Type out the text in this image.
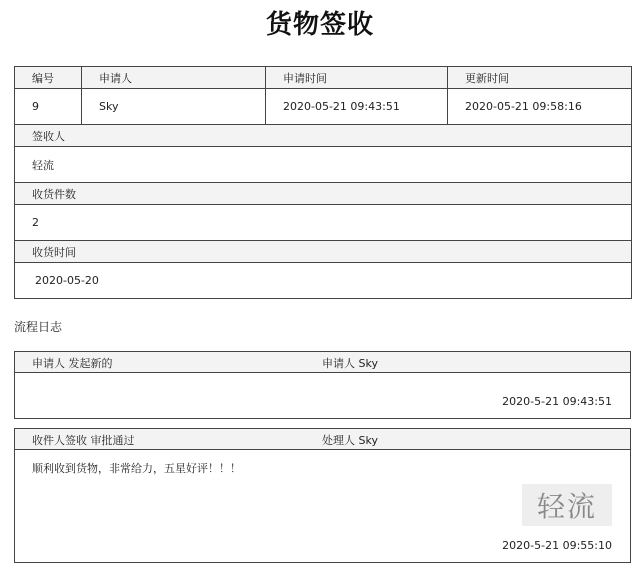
货物签收
编号	申请人	申请时间	更新时间
9	Sky	2020-05-21 09:43:51	2020-05-21 09:58:16
签收人			
轻流			
收货件数			
2			
收货时间			
2020-05-20			
流程日志
申请人 发起新的	申请人 Sky
2020-5-21 09:43:51
收件人签收 审批通过	处理人 Sky
顺利收到货物，非常给力，五星好评！！！
轻流
2020-5-21 09:55:10
